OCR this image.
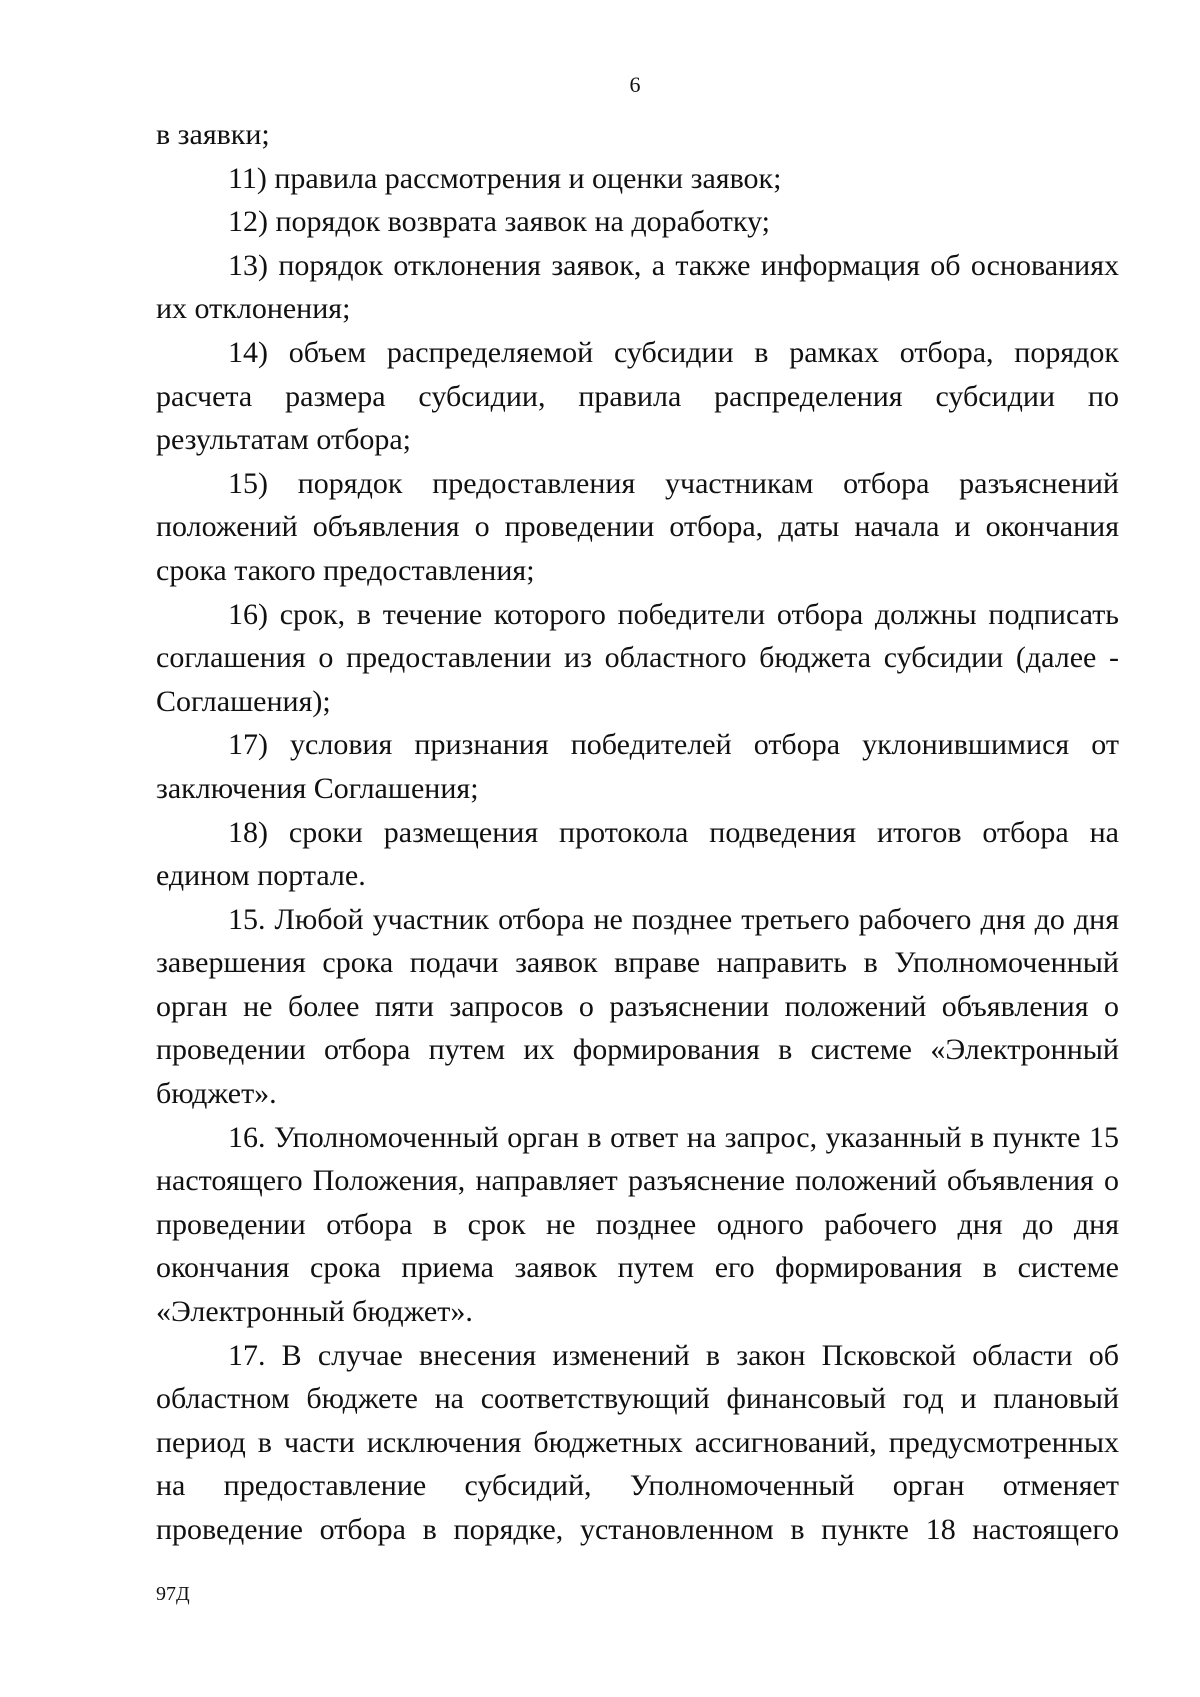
6

в заявки;

11) правила рассмотрения и оценки заявок;

12) порядок возврата заявок на доработку;

13) порядок отклонения заявок, а также информация об основаниях их отклонения;

14) объем распределяемой субсидии в рамках отбора, порядок расчета размера субсидии, правила распределения субсидии по результатам отбора;

15) порядок предоставления участникам отбора разъяснений положений объявления о проведении отбора, даты начала и окончания срока такого предоставления;

16) срок, в течение которого победители отбора должны подписать соглашения о предоставлении из областного бюджета субсидии (далее - Соглашения);

17) условия признания победителей отбора уклонившимися от заключения Соглашения;

18) сроки размещения протокола подведения итогов отбора на едином портале.

15. Любой участник отбора не позднее третьего рабочего дня до дня завершения срока подачи заявок вправе направить в Уполномоченный орган не более пяти запросов о разъяснении положений объявления о проведении отбора путем их формирования в системе «Электронный бюджет».

16. Уполномоченный орган в ответ на запрос, указанный в пункте 15 настоящего Положения, направляет разъяснение положений объявления о проведении отбора в срок не позднее одного рабочего дня до дня окончания срока приема заявок путем его формирования в системе «Электронный бюджет».

17. В случае внесения изменений в закон Псковской области об областном бюджете на соответствующий финансовый год и плановый период в части исключения бюджетных ассигнований, предусмотренных на предоставление субсидий, Уполномоченный орган отменяет проведение отбора в порядке, установленном в пункте 18 настоящего

97Д
